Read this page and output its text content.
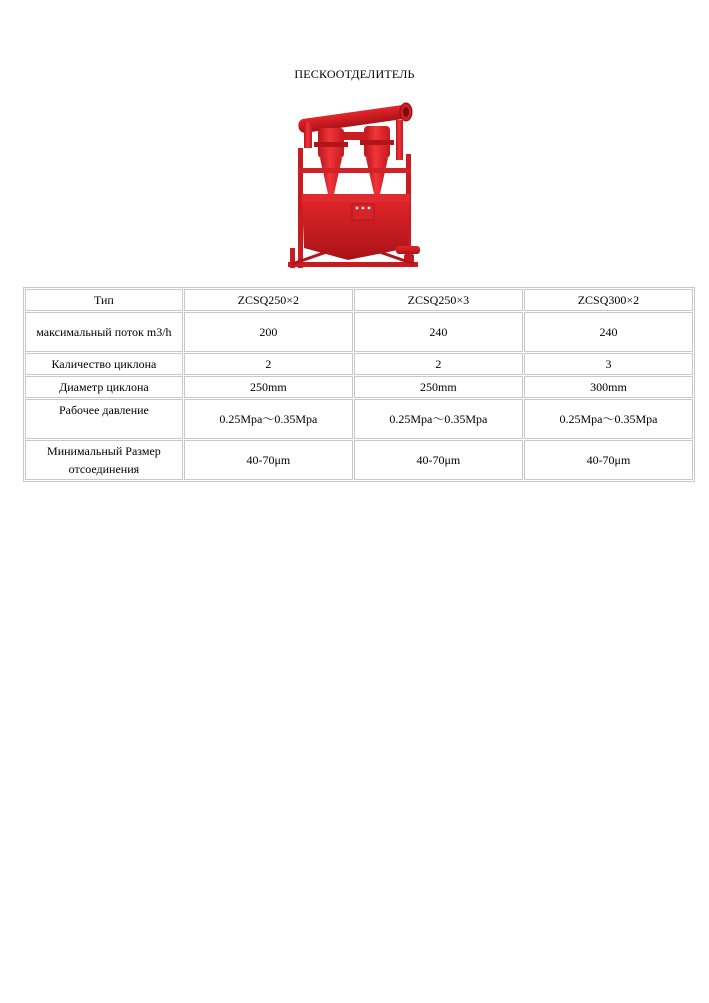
ПЕСКООТДЕЛИТЕЛЬ
Тип	ZCSQ250×2	ZCSQ250×3	ZCSQ300×2
максимальный поток m3/h	200	240	240
Каличество циклона	2	2	3
Диаметр циклона	250mm	250mm	300mm
Рабочее давление	0.25Mpa～0.35Mpa	0.25Mpa～0.35Mpa	0.25Mpa～0.35Mpa
Минимальный Размер отсоединения	40-70μm	40-70μm	40-70μm
